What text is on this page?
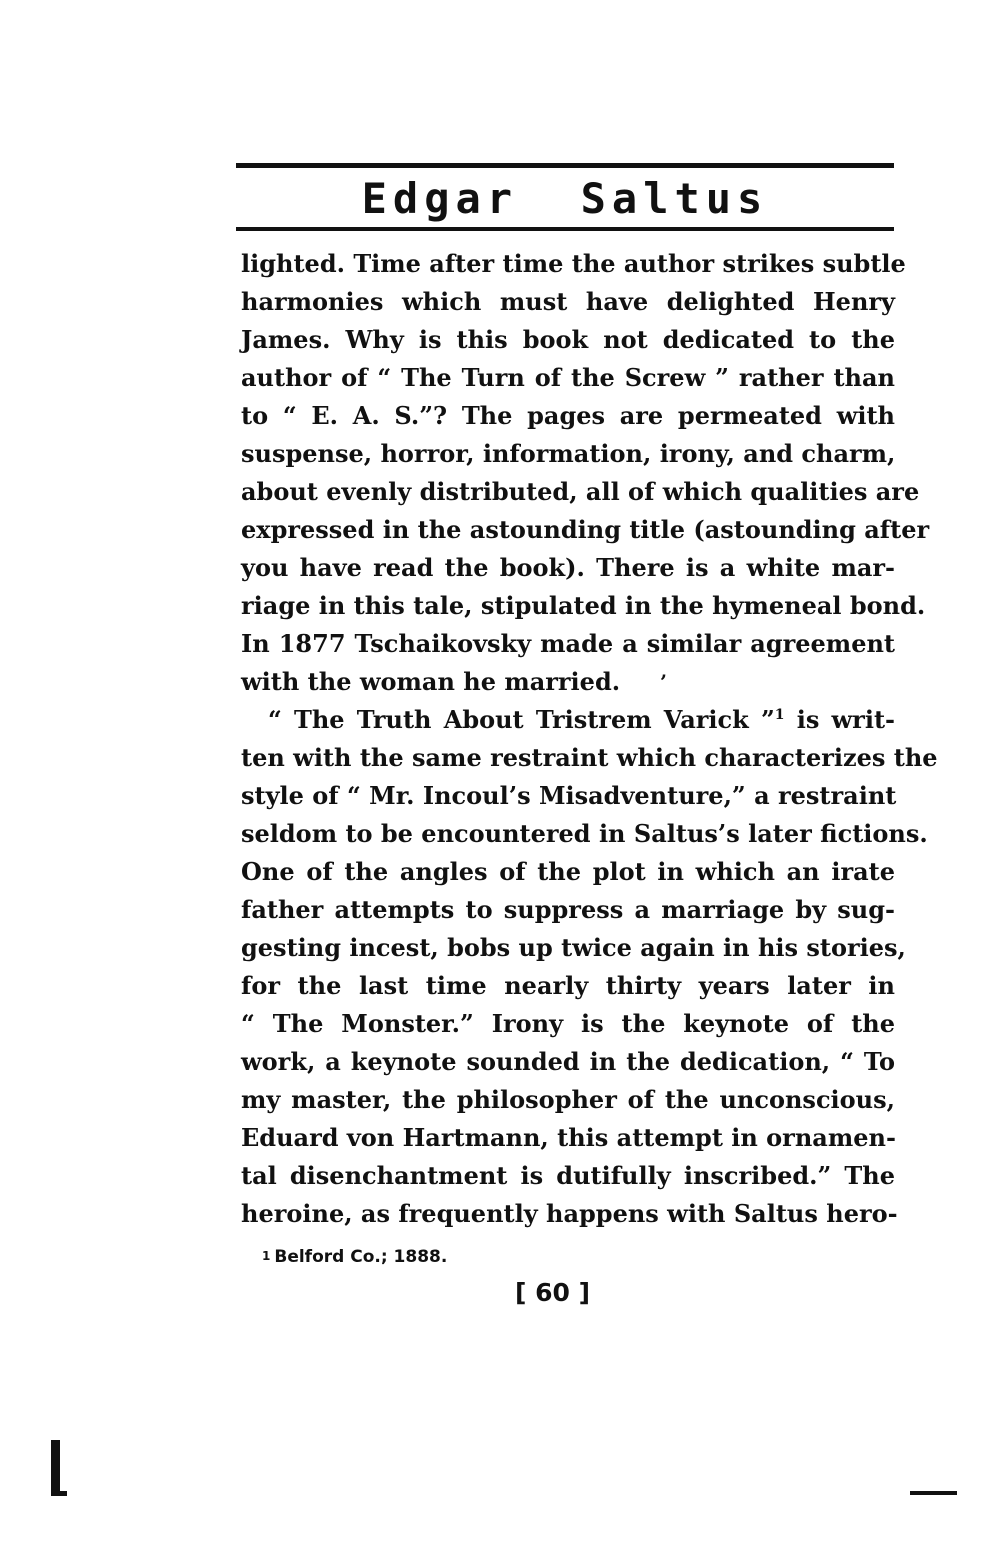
Edgar  Saltus
lighted. Time after time the author strikes subtle
harmonies which must have delighted Henry
James. Why is this book not dedicated to the
author of “ The Turn of the Screw ” rather than
to “ E. A. S.”? The pages are permeated with
suspense, horror, information, irony, and charm,
about evenly distributed, all of which qualities are
expressed in the astounding title (astounding after
you have read the book). There is a white mar-
riage in this tale, stipulated in the hymeneal bond.
In 1877 Tschaikovsky made a similar agreement
with the woman he married.
“ The Truth About Tristrem Varick ”$^1$ is writ-
ten with the same restraint which characterizes the
style of “ Mr. Incoul’s Misadventure,” a restraint
seldom to be encountered in Saltus’s later fictions.
One of the angles of the plot in which an irate
father attempts to suppress a marriage by sug-
gesting incest, bobs up twice again in his stories,
for the last time nearly thirty years later in
“ The Monster.” Irony is the keynote of the
work, a keynote sounded in the dedication, “ To
my master, the philosopher of the unconscious,
Eduard von Hartmann, this attempt in ornamen-
tal disenchantment is dutifully inscribed.” The
heroine, as frequently happens with Saltus hero-
’
1 Belford Co.; 1888.
[ 60 ]
